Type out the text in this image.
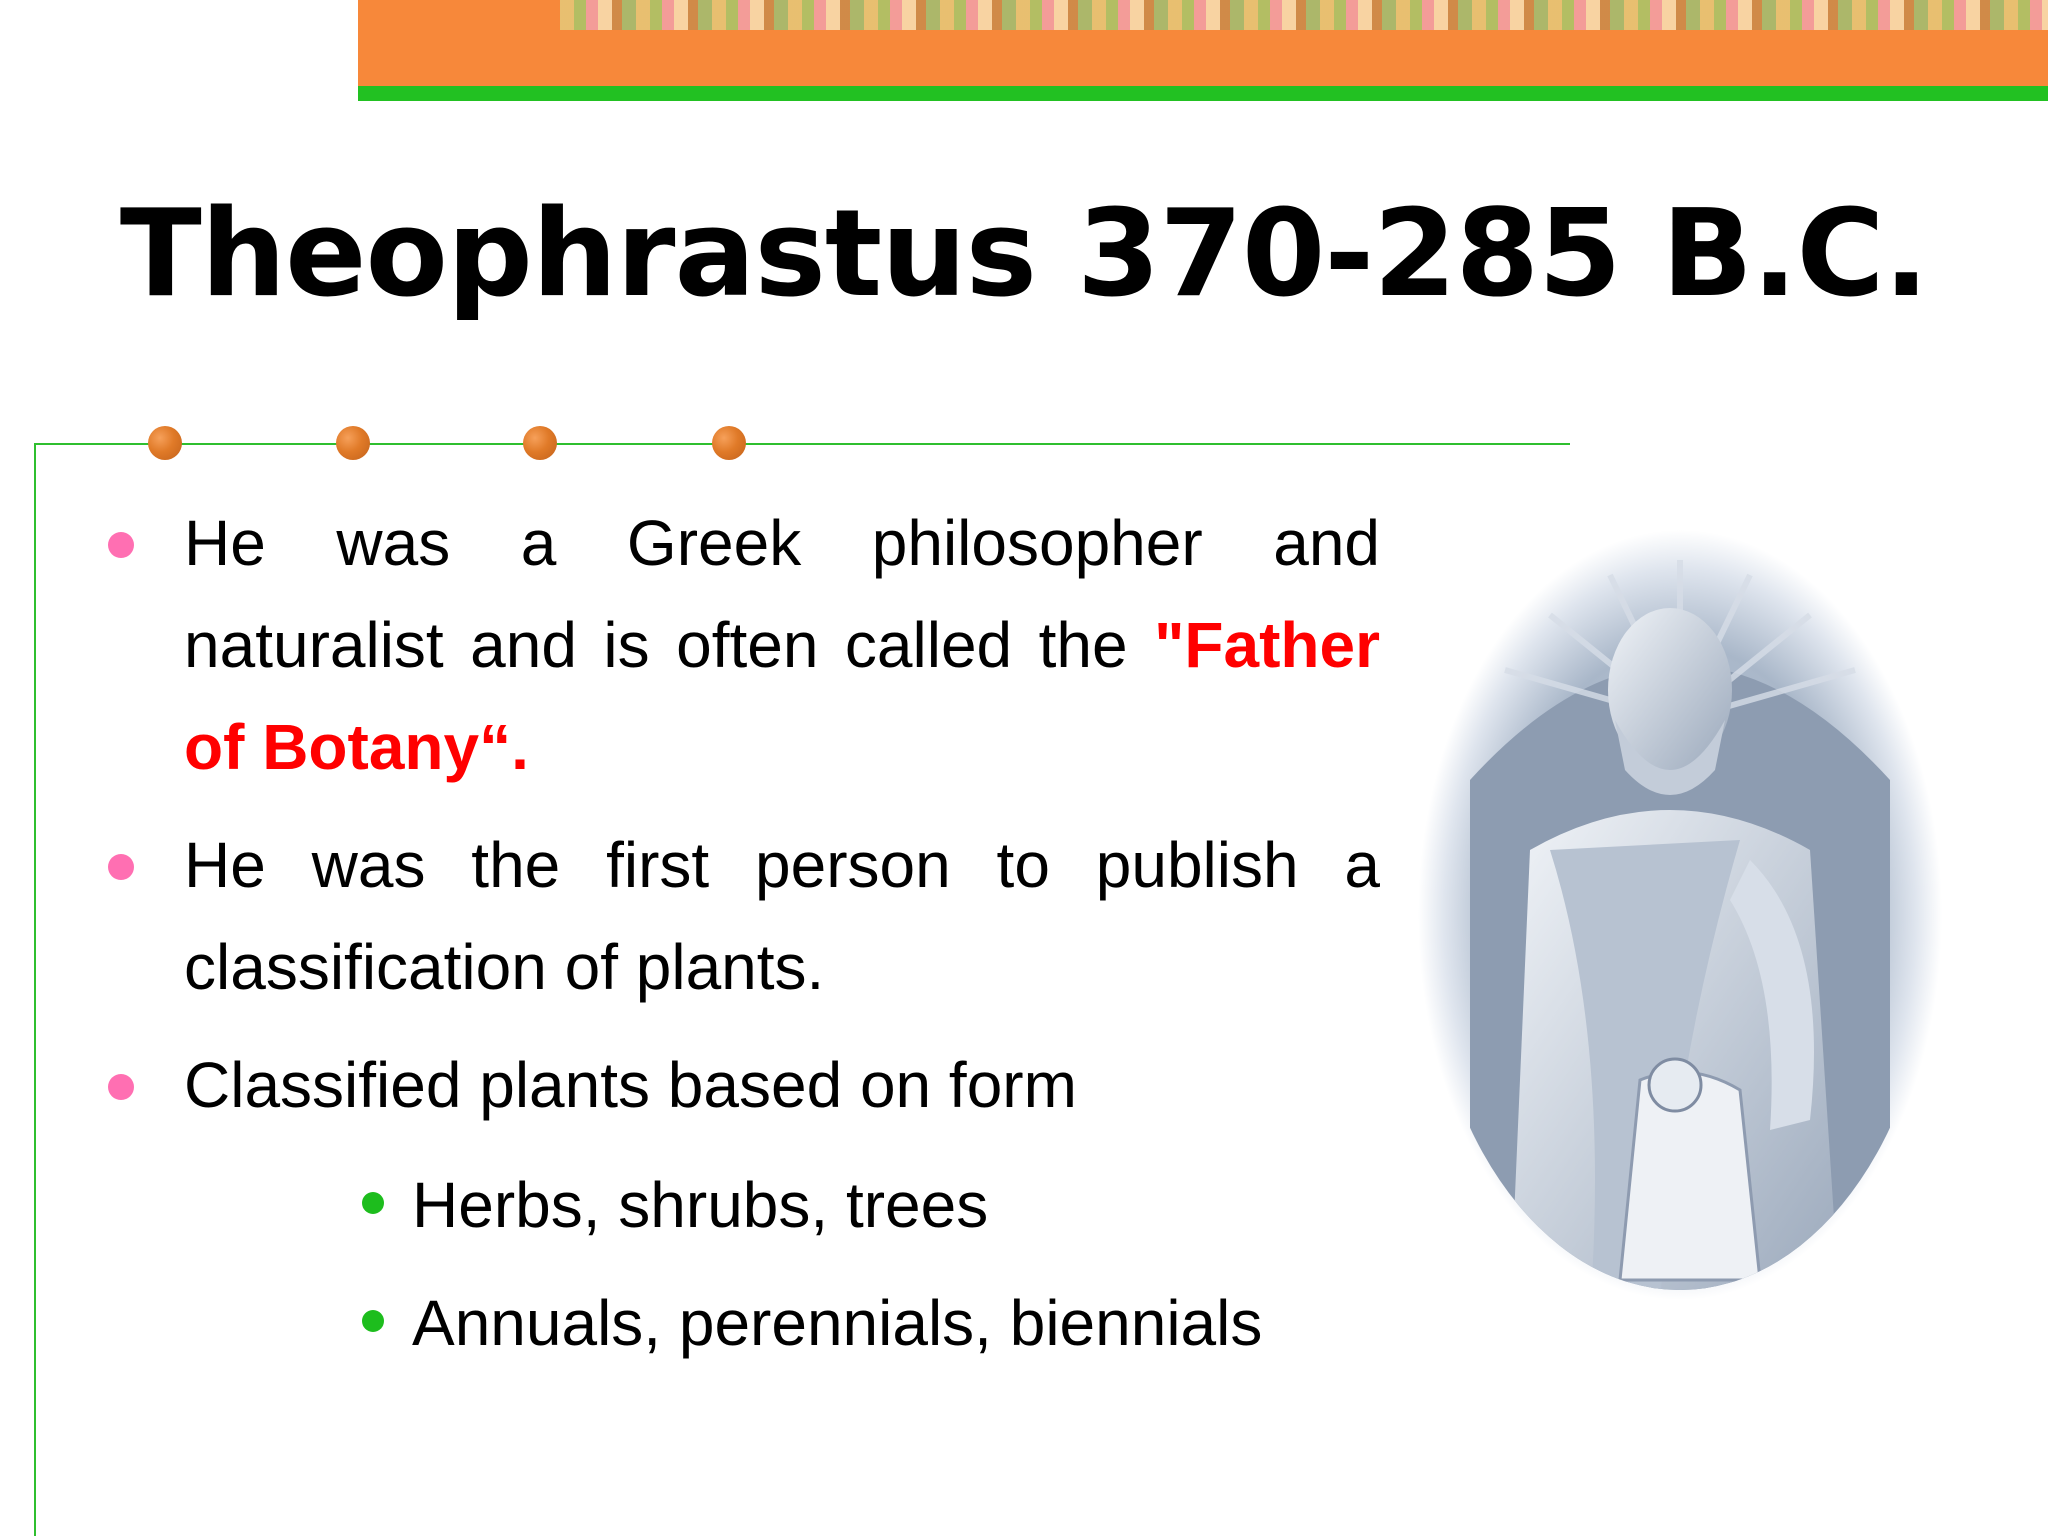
Theophrastus 370-285 B.C.
He was a Greek philosopher and naturalist and is often called the "Father of Botany“.
He was the first person to publish a classification of plants.
Classified plants based on form
Herbs, shrubs, trees
Annuals, perennials, biennials
